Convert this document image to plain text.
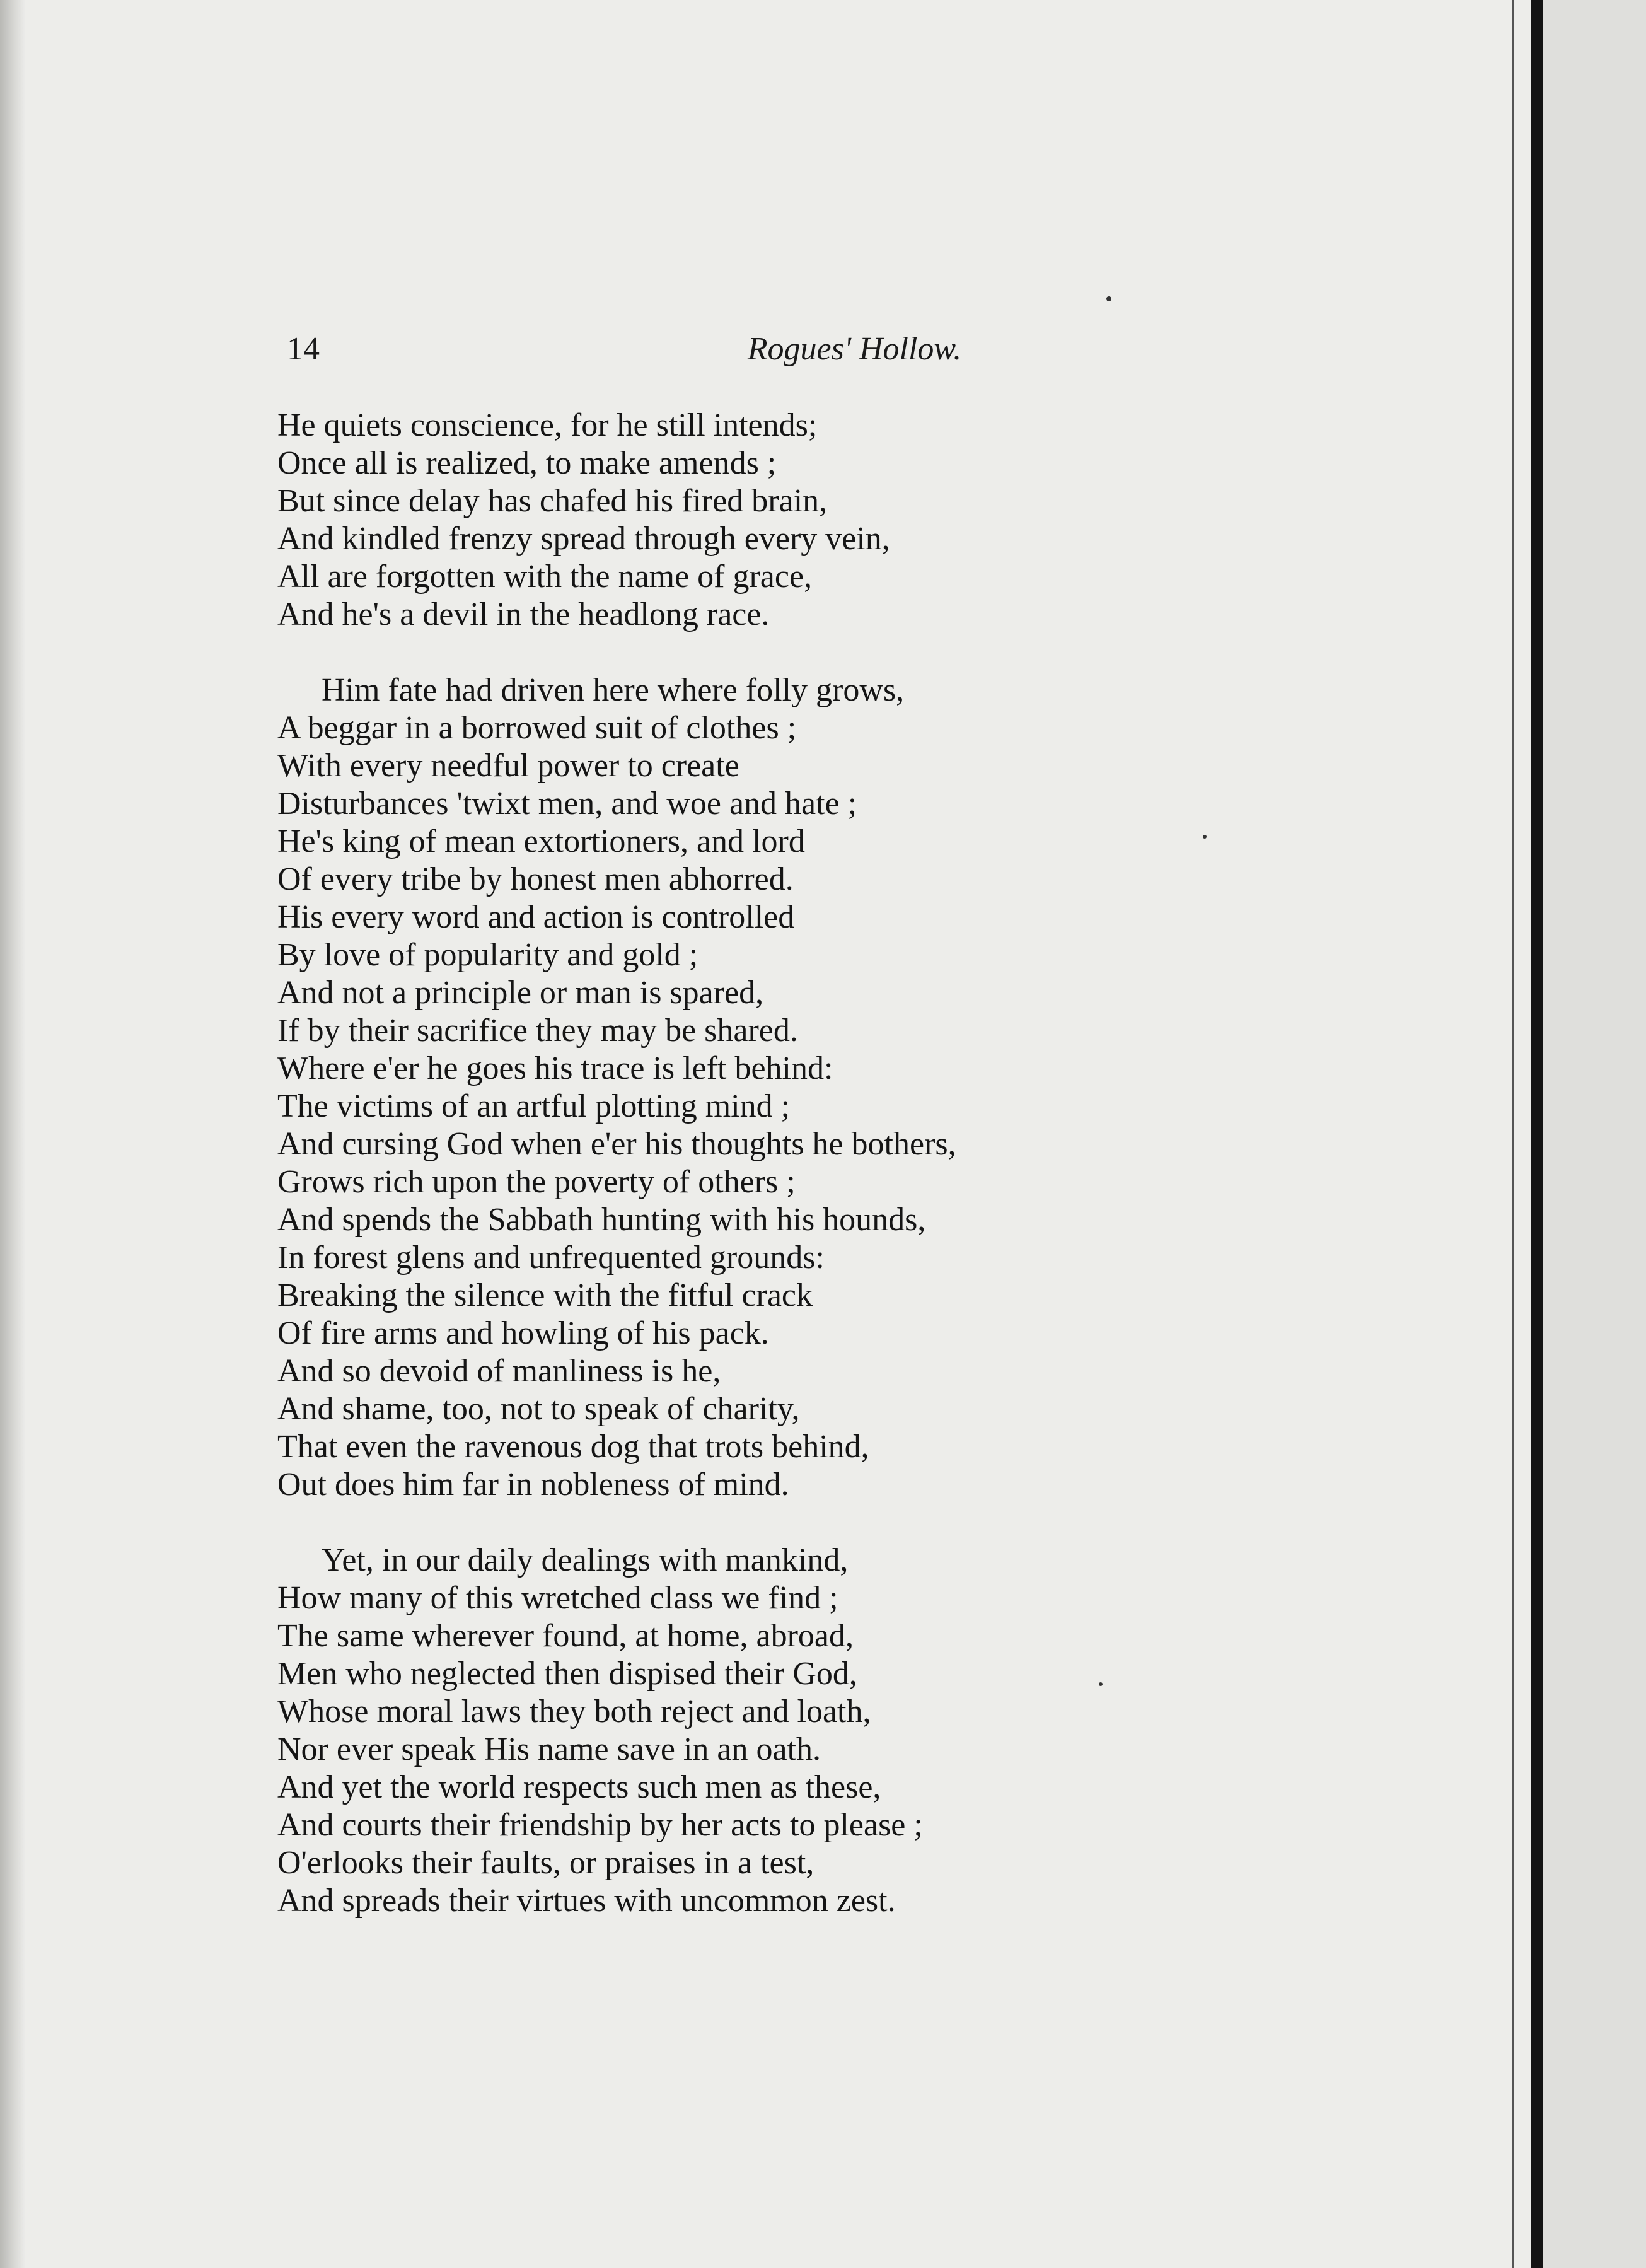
14	Rogues' Hollow.
He quiets conscience, for he still intends;
Once all is realized, to make amends ;
But since delay has chafed his fired brain,
And kindled frenzy spread through every vein,
All are forgotten with the name of grace,
And he's a devil in the headlong race.
Him fate had driven here where folly grows,
A beggar in a borrowed suit of clothes ;
With every needful power to create
Disturbances 'twixt men, and woe and hate ;
He's king of mean extortioners, and lord
Of every tribe by honest men abhorred.
His every word and action is controlled
By love of popularity and gold ;
And not a principle or man is spared,
If by their sacrifice they may be shared.
Where e'er he goes his trace is left behind:
The victims of an artful plotting mind ;
And cursing God when e'er his thoughts he bothers,
Grows rich upon the poverty of others ;
And spends the Sabbath hunting with his hounds,
In forest glens and unfrequented grounds:
Breaking the silence with the fitful crack
Of fire arms and howling of his pack.
And so devoid of manliness is he,
And shame, too, not to speak of charity,
That even the ravenous dog that trots behind,
Out does him far in nobleness of mind.
Yet, in our daily dealings with mankind,
How many of this wretched class we find ;
The same wherever found, at home, abroad,
Men who neglected then dispised their God,
Whose moral laws they both reject and loath,
Nor ever speak His name save in an oath.
And yet the world respects such men as these,
And courts their friendship by her acts to please ;
O'erlooks their faults, or praises in a test,
And spreads their virtues with uncommon zest.
